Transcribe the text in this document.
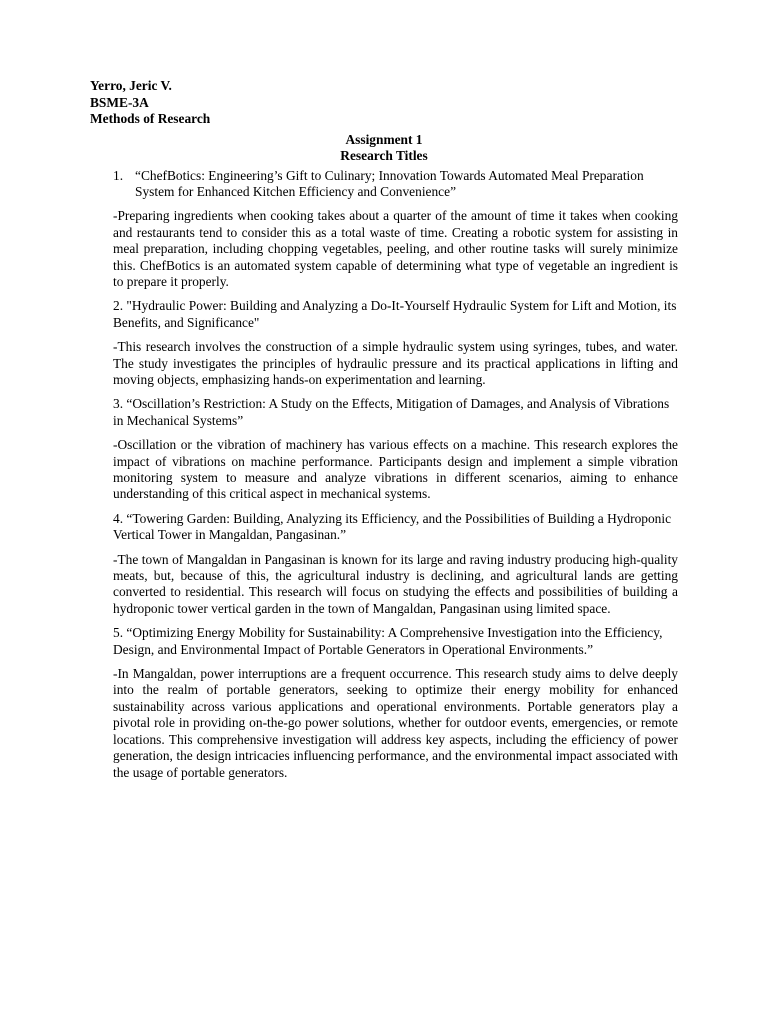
Yerro, Jeric V.
BSME-3A
Methods of Research
Assignment 1
Research Titles
1. “ChefBotics: Engineering’s Gift to Culinary; Innovation Towards Automated Meal Preparation System for Enhanced Kitchen Efficiency and Convenience”

-Preparing ingredients when cooking takes about a quarter of the amount of time it takes when cooking and restaurants tend to consider this as a total waste of time. Creating a robotic system for assisting in meal preparation, including chopping vegetables, peeling, and other routine tasks will surely minimize this. ChefBotics is an automated system capable of determining what type of vegetable an ingredient is to prepare it properly.

2. "Hydraulic Power: Building and Analyzing a Do-It-Yourself Hydraulic System for Lift and Motion, its Benefits, and Significance"

-This research involves the construction of a simple hydraulic system using syringes, tubes, and water. The study investigates the principles of hydraulic pressure and its practical applications in lifting and moving objects, emphasizing hands-on experimentation and learning.

3. “Oscillation’s Restriction: A Study on the Effects, Mitigation of Damages, and Analysis of Vibrations in Mechanical Systems”

-Oscillation or the vibration of machinery has various effects on a machine. This research explores the impact of vibrations on machine performance. Participants design and implement a simple vibration monitoring system to measure and analyze vibrations in different scenarios, aiming to enhance understanding of this critical aspect in mechanical systems.

4. “Towering Garden: Building, Analyzing its Efficiency, and the Possibilities of Building a Hydroponic Vertical Tower in Mangaldan, Pangasinan.”

-The town of Mangaldan in Pangasinan is known for its large and raving industry producing high-quality meats, but, because of this, the agricultural industry is declining, and agricultural lands are getting converted to residential. This research will focus on studying the effects and possibilities of building a hydroponic tower vertical garden in the town of Mangaldan, Pangasinan using limited space.

5. “Optimizing Energy Mobility for Sustainability: A Comprehensive Investigation into the Efficiency, Design, and Environmental Impact of Portable Generators in Operational Environments.”

-In Mangaldan, power interruptions are a frequent occurrence. This research study aims to delve deeply into the realm of portable generators, seeking to optimize their energy mobility for enhanced sustainability across various applications and operational environments. Portable generators play a pivotal role in providing on-the-go power solutions, whether for outdoor events, emergencies, or remote locations. This comprehensive investigation will address key aspects, including the efficiency of power generation, the design intricacies influencing performance, and the environmental impact associated with the usage of portable generators.
